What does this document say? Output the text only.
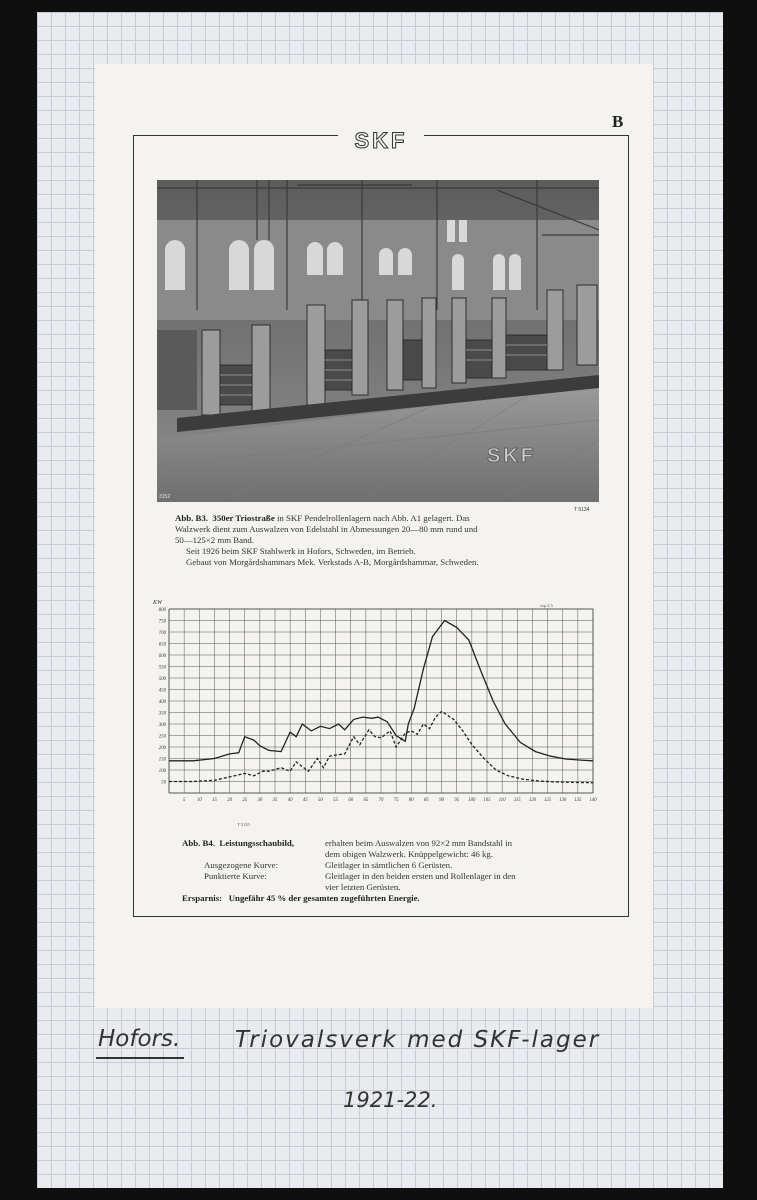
SKF
B
SKF
3152
T 5134
Abb. B3. 350er Triostraße in SKF Pendelrollenlagern nach Abb. A1 gelagert. Das
Walzwerk dient zum Auswalzen von Edelstahl in Abmessungen 20—80 mm rund und
50—125×2 mm Band.
Seit 1926 beim SKF Stahlwerk in Hofors, Schweden, im Betrieb.
Gebaut von Morgårdshammars Mek. Verkstads A-B, Morgårdshammar, Schweden.
50
100
150
200
250
300
350
400
450
500
550
600
650
700
750
800
5 10 15 20 25 30 35 40 45 50 55 60 65 70 75 80 85 90 95 100 105 110 115 120 125 130 135 140
KW	sep 2,5
T 5135
Abb. B4. Leistungsschaubild,	erhalten beim Auswalzen von 92×2 mm Bandstahl in
dem obigen Walzwerk. Knüppelgewicht: 46 kg.
Ausgezogene Kurve:	Gleitlager in sämtlichen 6 Gerüsten.
Punktierte Kurve:	Gleitlager in den beiden ersten und Rollenlager in den
vier letzten Gerüsten.
Ersparnis: Ungefähr 45 % der gesamten zugeführten Energie.
Hofors. Triovalsverk med SKF-lager
1921-22.
